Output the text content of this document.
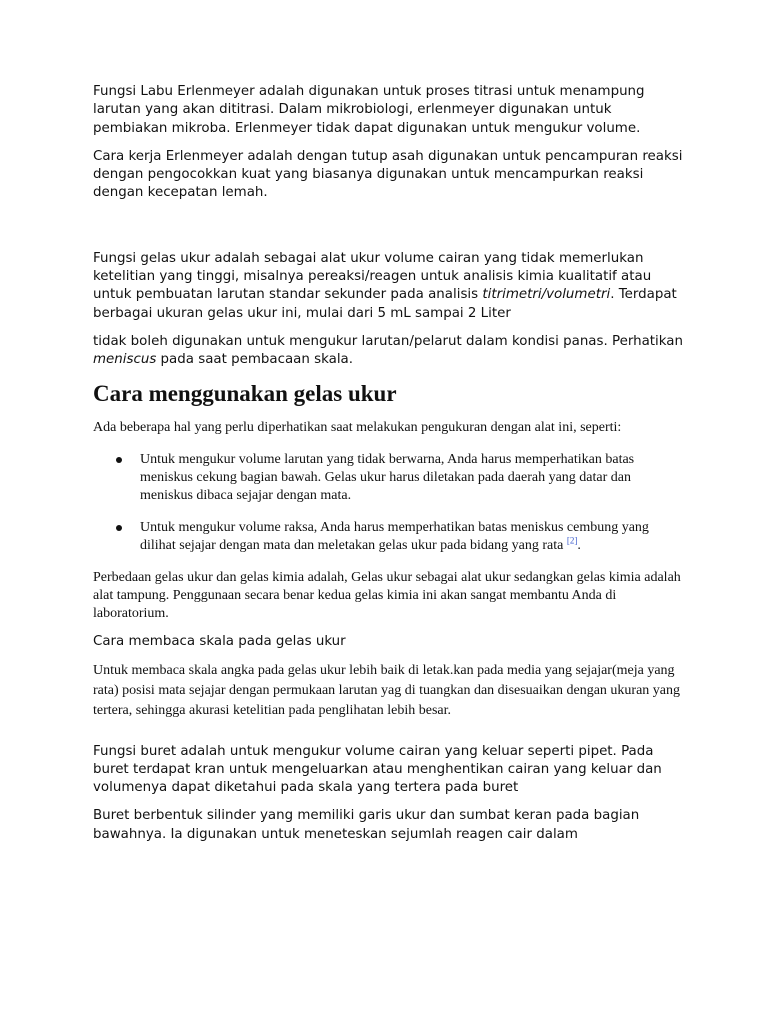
Fungsi Labu Erlenmeyer adalah digunakan untuk proses titrasi untuk menampung larutan yang akan dititrasi. Dalam mikrobiologi, erlenmeyer digunakan untuk pembiakan mikroba. Erlenmeyer tidak dapat digunakan untuk mengukur volume.

Cara kerja Erlenmeyer adalah dengan tutup asah digunakan untuk pencampuran reaksi dengan pengocokkan kuat yang biasanya digunakan untuk mencampurkan reaksi dengan kecepatan lemah.

Fungsi gelas ukur adalah sebagai alat ukur volume cairan yang tidak memerlukan ketelitian yang tinggi, misalnya pereaksi/reagen untuk analisis kimia kualitatif atau untuk pembuatan larutan standar sekunder pada analisis titrimetri/volumetri. Terdapat berbagai ukuran gelas ukur ini, mulai dari 5 mL sampai 2 Liter

tidak boleh digunakan untuk mengukur larutan/pelarut dalam kondisi panas. Perhatikan meniscus pada saat pembacaan skala.

Cara menggunakan gelas ukur

Ada beberapa hal yang perlu diperhatikan saat melakukan pengukuran dengan alat ini, seperti:

Untuk mengukur volume larutan yang tidak berwarna, Anda harus memperhatikan batas meniskus cekung bagian bawah. Gelas ukur harus diletakan pada daerah yang datar dan meniskus dibaca sejajar dengan mata.
Untuk mengukur volume raksa, Anda harus memperhatikan batas meniskus cembung yang dilihat sejajar dengan mata dan meletakan gelas ukur pada bidang yang rata [2].

Perbedaan gelas ukur dan gelas kimia adalah, Gelas ukur sebagai alat ukur sedangkan gelas kimia adalah alat tampung. Penggunaan secara benar kedua gelas kimia ini akan sangat membantu Anda di laboratorium.

Cara membaca skala pada gelas ukur

Untuk membaca skala angka pada gelas ukur lebih baik di letak.kan pada media yang sejajar(meja yang rata) posisi mata sejajar dengan permukaan larutan yag di tuangkan dan disesuaikan dengan ukuran yang tertera, sehingga akurasi ketelitian pada penglihatan lebih besar.

Fungsi buret adalah untuk mengukur volume cairan yang keluar seperti pipet. Pada buret terdapat kran untuk mengeluarkan atau menghentikan cairan yang keluar dan volumenya dapat diketahui pada skala yang tertera pada buret

Buret berbentuk silinder yang memiliki garis ukur dan sumbat keran pada bagian bawahnya. Ia digunakan untuk meneteskan sejumlah reagen cair dalam
